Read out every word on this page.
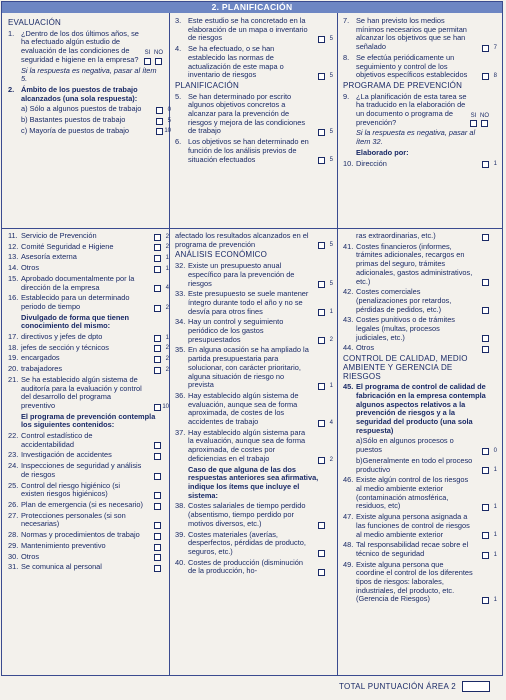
2. PLANIFICACIÓN
EVALUACIÓN
1. ¿Dentro de los dos últimos años, se ha efectuado algún estudio de evaluación de las condiciones de seguridad e higiene en la empresa?
SI NO
Si la respuesta es negativa, pasar al ítem 5.
2. Ámbito de los puestos de trabajo alcanzados (una sola respuesta):
a) Sólo a algunos puestos de trabajo	0
b) Bastantes puestos de trabajo	5
c) Mayoría de puestos de trabajo	10
3. Este estudio se ha concretado en la elaboración de un mapa o inventario de riesgos	5
4. Se ha efectuado, o se han establecido las normas de actualización de este mapa o inventario de riesgos	5
PLANIFICACIÓN
5. Se han determinado por escrito algunos objetivos concretos a alcanzar para la prevención de riesgos y mejora de las condiciones de trabajo	5
6. Los objetivos se han determinado en función de los análisis previos de situación efectuados	5
7. Se han previsto los medios mínimos necesarios que permitan alcanzar los objetivos que se han señalado	7
8. Se efectúa periódicamente un seguimiento y control de los objetivos específicos establecidos	8
PROGRAMA DE PREVENCIÓN
9. ¿La planificación de esta tarea se ha traducido en la elaboración de un documento o programa de prevención?
SI NO
Si la respuesta es negativa, pasar al ítem 32.
Elaborado por:
10. Dirección	1
11. Servicio de Prevención	2
12. Comité Seguridad e Higiene	2
13. Asesoría externa	1
14. Otros	1
15. Aprobado documentalmente por la dirección de la empresa	4
16. Establecido para un determinado periodo de tiempo	2
Divulgado de forma que tienen conocimiento del mismo:
17. directivos y jefes de dpto	1
18. jefes de sección y técnicos	2
19. encargados	2
20. trabajadores	2
21. Se ha establecido algún sistema de auditoría para la evaluación y control del desarrollo del programa preventivo	10
El programa de prevención contempla los siguientes contenidos:
22. Control estadístico de accidentabilidad
23. Investigación de accidentes
24. Inspecciones de seguridad y análisis de riesgos
25. Control del riesgo higiénico (si existen riesgos higiénicos)
26. Plan de emergencia (si es necesario)
27. Protecciones personales (si son necesarias)
28. Normas y procedimientos de trabajo
29. Mantenimiento preventivo
30. Otros
31. Se comunica al personal
afectado los resultados alcanzados en el programa de prevención	5
ANÁLISIS ECONÓMICO
32. Existe un presupuesto anual específico para la prevención de riesgos	5
33. Este presupuesto se suele mantener íntegro durante todo el año y no se desvía para otros fines	1
34. Hay un control y seguimiento periódico de los gastos presupuestados	2
35. En alguna ocasión se ha ampliado la partida presupuestaria para solucionar, con carácter prioritario, alguna situación de riesgo no prevista	1
36. Hay establecido algún sistema de evaluación, aunque sea de forma aproximada, de costes de los accidentes de trabajo	4
37. Hay establecido algún sistema para la evaluación, aunque sea de forma aproximada, de costes por deficiencias en el trabajo	2
Caso de que alguna de las dos respuestas anteriores sea afirmativa, indique los ítems que incluye el sistema:
38. Costes salariales de tiempo perdido (absentismo, tiempo perdido por motivos diversos, etc.)
39. Costes materiales (averías, desperfectos, pérdidas de producto, seguros, etc.)
40. Costes de producción (disminución de la producción, ho-
ras extraordinarias, etc.)
41. Costes financieros (informes, trámites adicionales, recargos en primas del seguro, trámites adicionales, gastos administrativos, etc.)
42. Costes comerciales (penalizaciones por retardos, pérdidas de pedidos, etc.)
43. Costes punitivos o de trámites legales (multas, procesos judiciales, etc.)
44. Otros
CONTROL DE CALIDAD, MEDIO AMBIENTE Y GERENCIA DE RIESGOS
45. El programa de control de calidad de fabricación en la empresa contempla algunos aspectos relativos a la prevención de riesgos y a la seguridad del producto (una sola respuesta)
a)Sólo en algunos procesos o puestos	0
b)Generalmente en todo el proceso productivo	1
46. Existe algún control de los riesgos al medio ambiente exterior (contaminación atmosférica, residuos, etc)	1
47. Existe alguna persona asignada a las funciones de control de riesgos al medio ambiente exterior	1
48. Tal responsabilidad recae sobre el técnico de seguridad	1
49. Existe alguna persona que coordine el control de los diferentes tipos de riesgos: laborales, industriales, del producto, etc. (Gerencia de Riesgos)	1
TOTAL PUNTUACIÓN ÁREA 2
